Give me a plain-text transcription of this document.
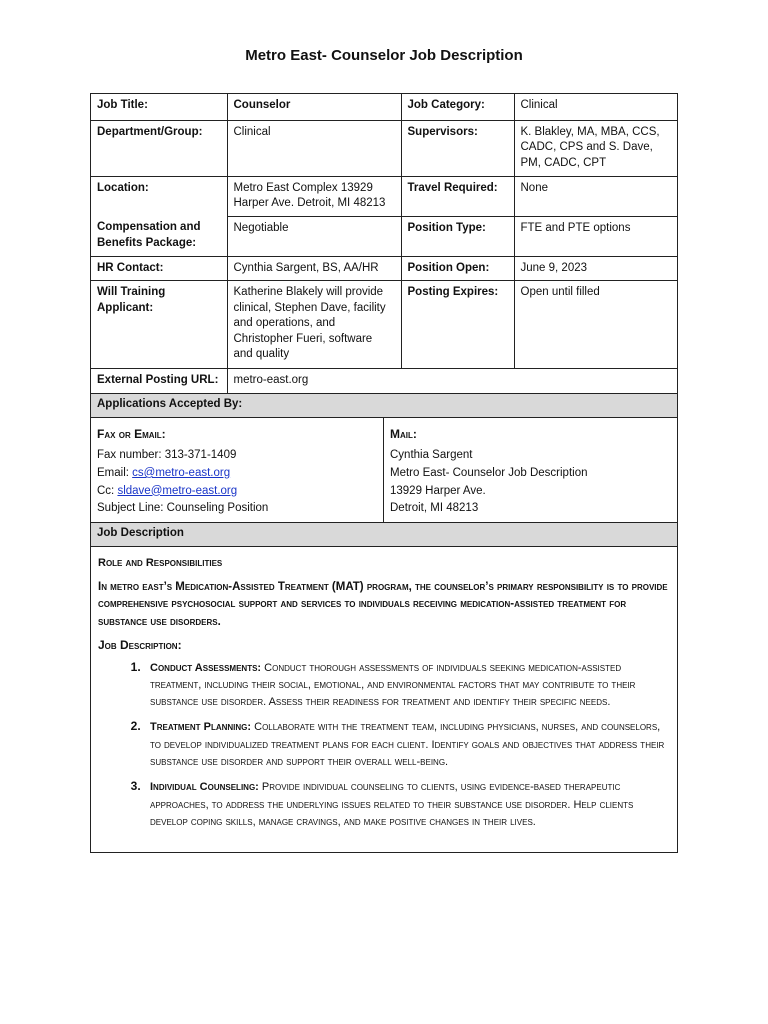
Metro East- Counselor Job Description
Job Title:	Counselor	Job Category:	Clinical
Department/Group:	Clinical	Supervisors:	K. Blakley, MA, MBA, CCS, CADC, CPS and S. Dave, PM, CADC, CPT
Location:	Metro East Complex 13929 Harper Ave. Detroit, MI 48213	Travel Required:	None
Compensation and Benefits Package:	Negotiable	Position Type:	FTE and PTE options
HR Contact:	Cynthia Sargent, BS, AA/HR	Position Open:	June 9, 2023
Will Training Applicant:	Katherine Blakely will provide clinical, Stephen Dave, facility and operations, and Christopher Fueri, software and quality	Posting Expires:	Open until filled
External Posting URL:	metro-east.org		
Applications Accepted By:
Fax or Email:
Fax number: 313-371-1409
Email: cs@metro-east.org
Cc: sldave@metro-east.org
Subject Line: Counseling Position
Mail:
Cynthia Sargent
Metro East- Counselor Job Description
13929 Harper Ave.
Detroit, MI 48213
Job Description
Role and Responsibilities
In metro east’s Medication-Assisted Treatment (MAT) program, the counselor’s primary responsibility is to provide comprehensive psychosocial support and services to individuals receiving medication-assisted treatment for substance use disorders.
Job Description:
1. Conduct Assessments: Conduct thorough assessments of individuals seeking medication-assisted treatment, including their social, emotional, and environmental factors that may contribute to their substance use disorder. Assess their readiness for treatment and identify their specific needs.
2. Treatment Planning: Collaborate with the treatment team, including physicians, nurses, and counselors, to develop individualized treatment plans for each client. Identify goals and objectives that address their substance use disorder and support their overall well-being.
3. Individual Counseling: Provide individual counseling to clients, using evidence-based therapeutic approaches, to address the underlying issues related to their substance use disorder. Help clients develop coping skills, manage cravings, and make positive changes in their lives.
